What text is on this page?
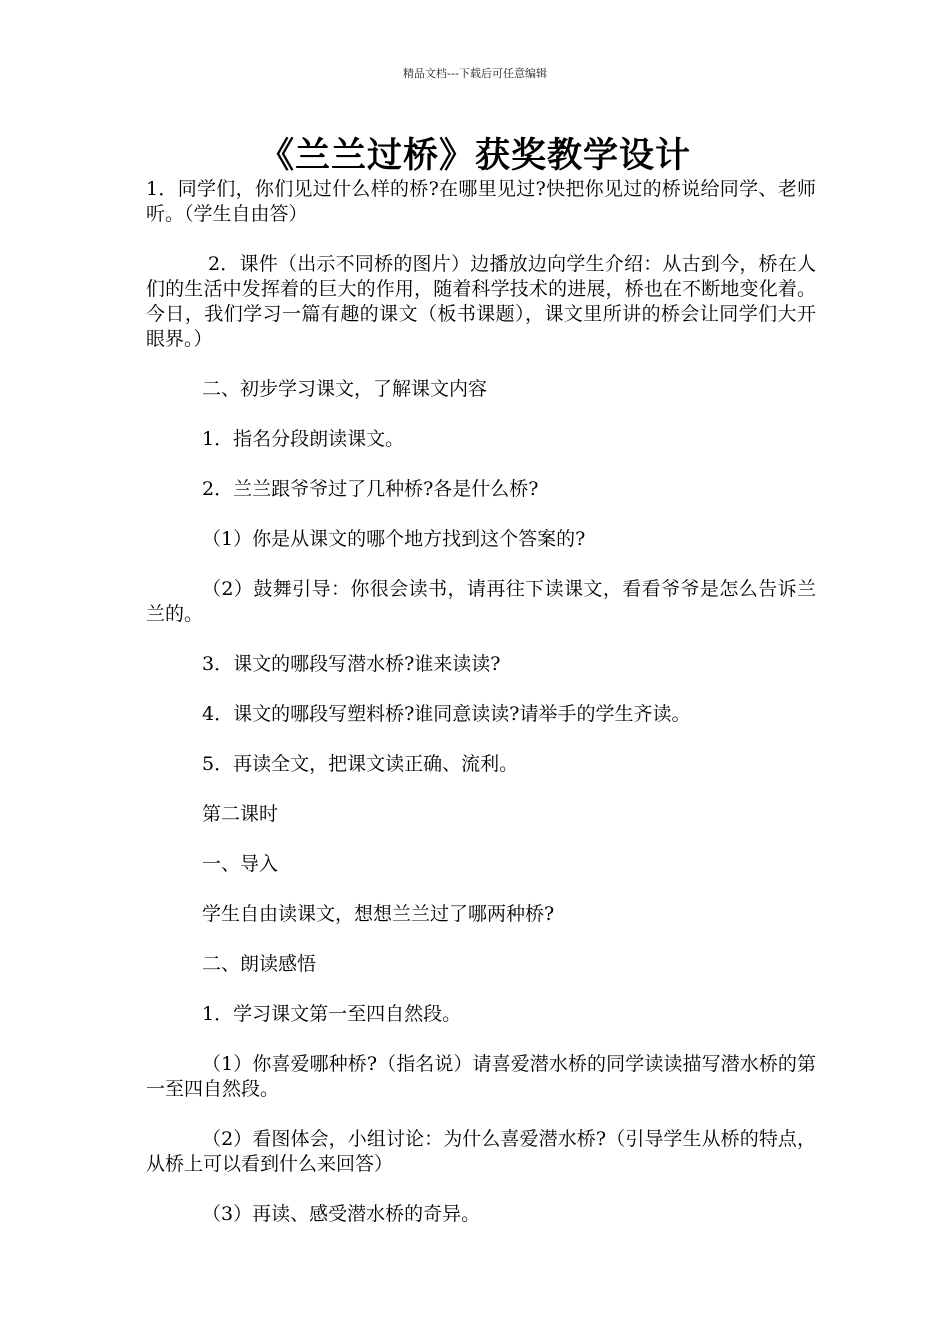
精品文档---下载后可任意编辑
《兰兰过桥》获奖教学设计

1．同学们，你们见过什么样的桥?在哪里见过?快把你见过的桥说给同学、老师听。（学生自由答）

2．课件（出示不同桥的图片）边播放边向学生介绍：从古到今，桥在人们的生活中发挥着的巨大的作用，随着科学技术的进展，桥也在不断地变化着。今日，我们学习一篇有趣的课文（板书课题），课文里所讲的桥会让同学们大开眼界。）

二、初步学习课文，了解课文内容

1．指名分段朗读课文。

2．兰兰跟爷爷过了几种桥?各是什么桥?

（1）你是从课文的哪个地方找到这个答案的?

（2）鼓舞引导：你很会读书，请再往下读课文，看看爷爷是怎么告诉兰兰的。

3．课文的哪段写潜水桥?谁来读读?

4．课文的哪段写塑料桥?谁同意读读?请举手的学生齐读。

5．再读全文，把课文读正确、流利。

第二课时

一、导入

学生自由读课文，想想兰兰过了哪两种桥?

二、朗读感悟

1．学习课文第一至四自然段。

（1）你喜爱哪种桥?（指名说）请喜爱潜水桥的同学读读描写潜水桥的第一至四自然段。

（2）看图体会，小组讨论：为什么喜爱潜水桥?（引导学生从桥的特点，从桥上可以看到什么来回答）

（3）再读、感受潜水桥的奇异。
